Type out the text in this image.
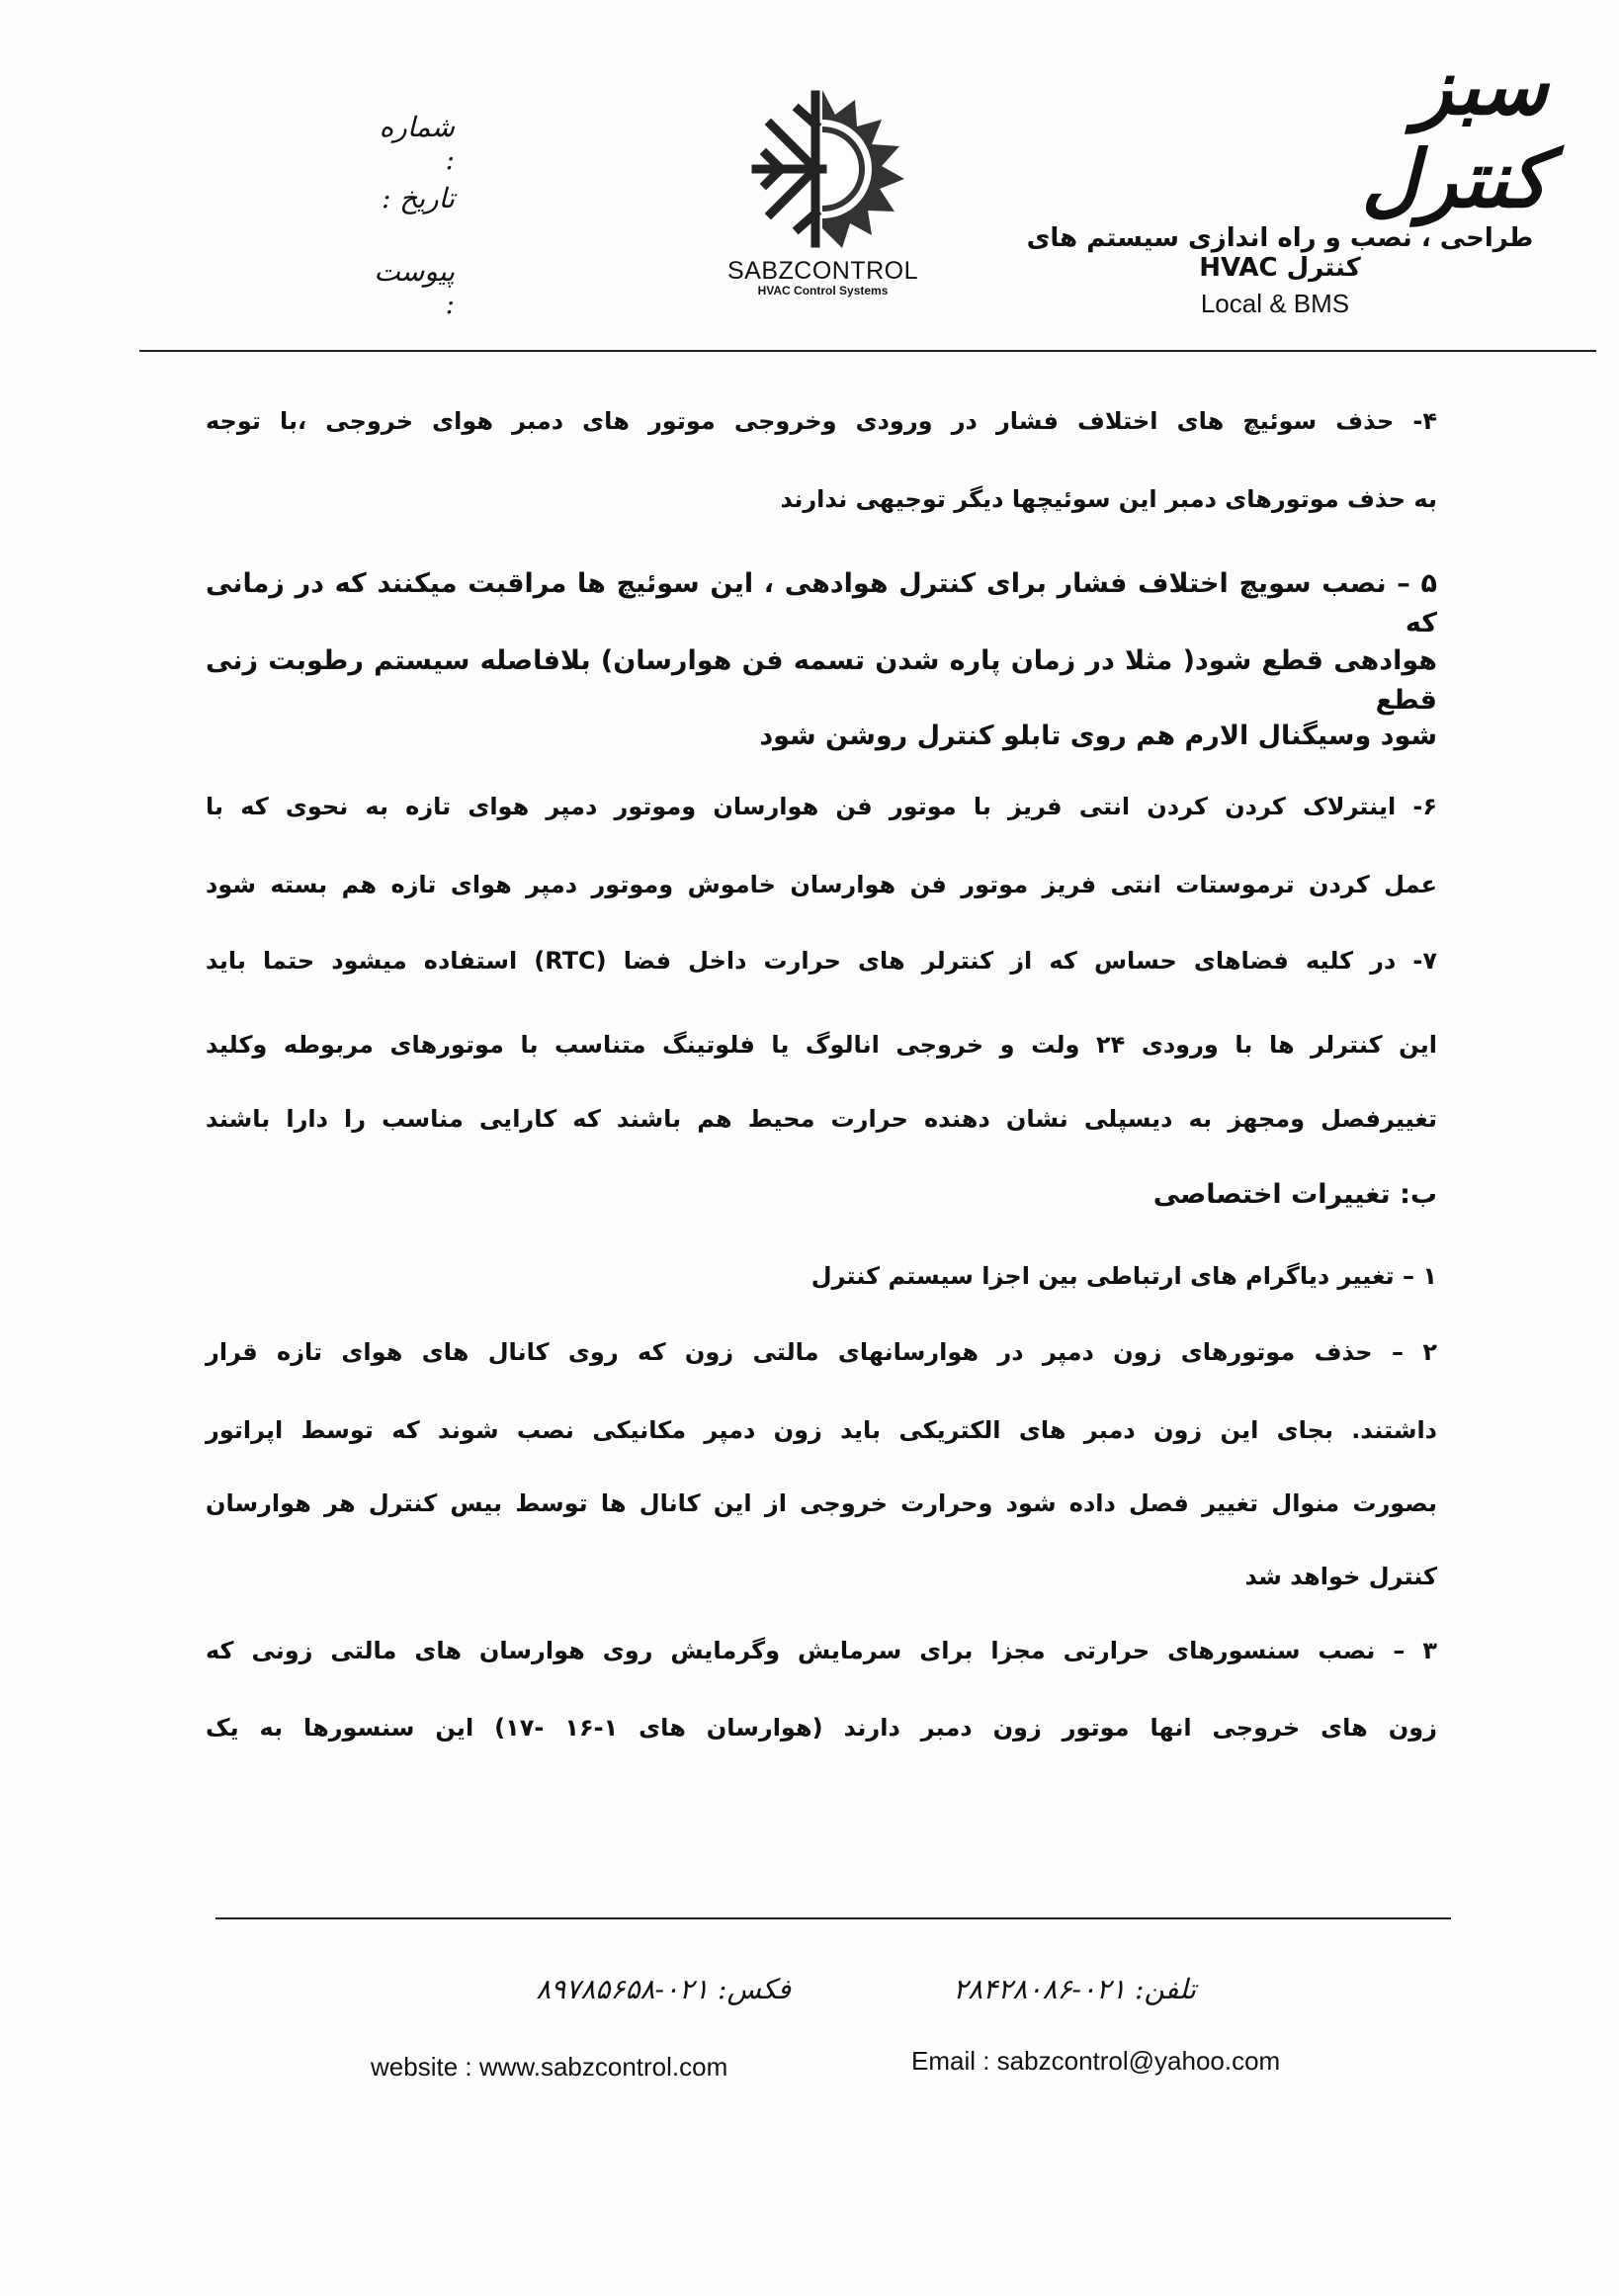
سبز کنترل
طراحی ، نصب و راه اندازی سیستم های کنترل HVAC
Local & BMS
شماره :
تاریخ :
پیوست :
SABZCONTROL
HVAC Control Systems
۴- حذف سوئیچ های اختلاف فشار در ورودی وخروجی موتور های دمبر هوای خروجی ،با توجه
به حذف موتورهای دمبر این سوئیچها دیگر توجیهی ندارند
۵ – نصب سویچ اختلاف فشار برای کنترل هوادهی ، این سوئیچ ها مراقبت میکنند که در زمانی که
هوادهی قطع شود( مثلا در زمان پاره شدن تسمه فن هوارسان) بلافاصله سیستم رطوبت زنی قطع
شود وسیگنال الارم هم روی تابلو کنترل روشن شود
۶- اینترلاک کردن کردن انتی فریز با موتور فن هوارسان وموتور دمپر هوای تازه به نحوی که با
عمل کردن ترموستات انتی فریز موتور فن هوارسان خاموش وموتور دمپر هوای تازه هم بسته شود
۷- در کلیه فضاهای حساس که از کنترلر های حرارت داخل فضا (RTC) استفاده میشود حتما باید
این کنترلر ها با ورودی ۲۴ ولت و خروجی انالوگ یا فلوتینگ متناسب با موتورهای مربوطه وکلید
تغییرفصل ومجهز به دیسپلی نشان دهنده حرارت محیط هم باشند که کارایی مناسب را دارا باشند
ب: تغییرات اختصاصی
۱ – تغییر دیاگرام های ارتباطی بین اجزا سیستم کنترل
۲ – حذف موتورهای زون دمپر در هوارسانهای مالتی زون که روی کانال های هوای تازه قرار
داشتند. بجای این زون دمبر های الکتریکی باید زون دمپر مکانیکی نصب شوند که توسط اپراتور
بصورت منوال تغییر فصل داده شود وحرارت خروجی از این کانال ها توسط بیس کنترل هر هوارسان
کنترل خواهد شد
۳ – نصب سنسورهای حرارتی مجزا برای سرمایش وگرمایش روی هوارسان های مالتی زونی که
زون های خروجی انها موتور زون دمبر دارند (هوارسان های ۱-۱۶ -۱۷) این سنسورها به یک
تلفن: ۰۲۱-۲۸۴۲۸۰۸۶
فکس: ۰۲۱-۸۹۷۸۵۶۵۸
website : www.sabzcontrol.com	Email : sabzcontrol@yahoo.com
